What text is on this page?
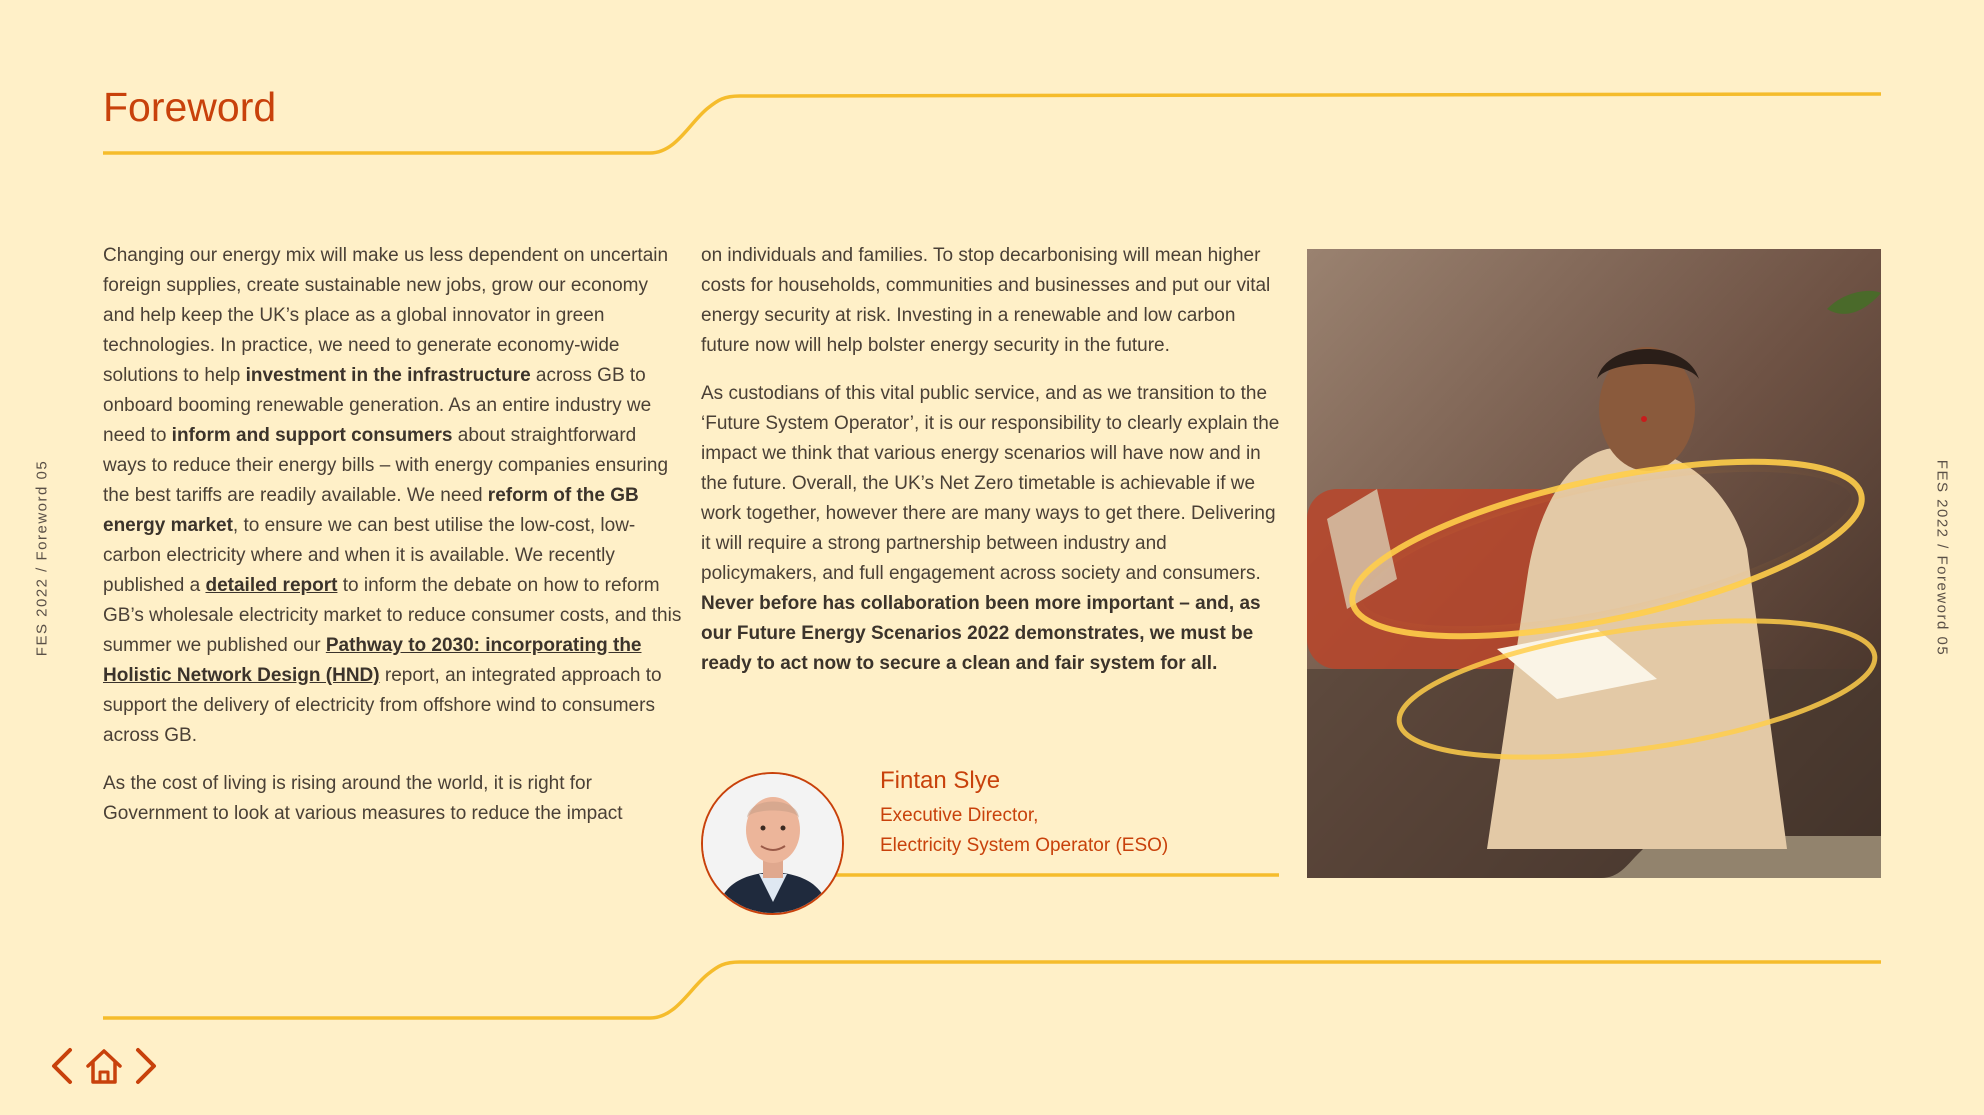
Foreword
FES 2022 / Foreword 05	FES 2022 / Foreword 05

Changing our energy mix will make us less dependent on uncertain foreign supplies, create sustainable new jobs, grow our economy and help keep the UK’s place as a global innovator in green technologies. In practice, we need to generate economy-wide solutions to help investment in the infrastructure across GB to onboard booming renewable generation. As an entire industry we need to inform and support consumers about straightforward ways to reduce their energy bills – with energy companies ensuring the best tariffs are readily available. We need reform of the GB energy market, to ensure we can best utilise the low-cost, low-carbon electricity where and when it is available. We recently published a detailed report to inform the debate on how to reform GB’s wholesale electricity market to reduce consumer costs, and this summer we published our Pathway to 2030: incorporating the Holistic Network Design (HND) report, an integrated approach to support the delivery of electricity from offshore wind to consumers across GB.

As the cost of living is rising around the world, it is right for Government to look at various measures to reduce the impact

on individuals and families. To stop decarbonising will mean higher costs for households, communities and businesses and put our vital energy security at risk. Investing in a renewable and low carbon future now will help bolster energy security in the future.

As custodians of this vital public service, and as we transition to the ‘Future System Operator’, it is our responsibility to clearly explain the impact we think that various energy scenarios will have now and in the future. Overall, the UK’s Net Zero timetable is achievable if we work together, however there are many ways to get there. Delivering it will require a strong partnership between industry and policymakers, and full engagement across society and consumers. Never before has collaboration been more important – and, as our Future Energy Scenarios 2022 demonstrates, we must be ready to act now to secure a clean and fair system for all.

Fintan Slye
Executive Director,
Electricity System Operator (ESO)
